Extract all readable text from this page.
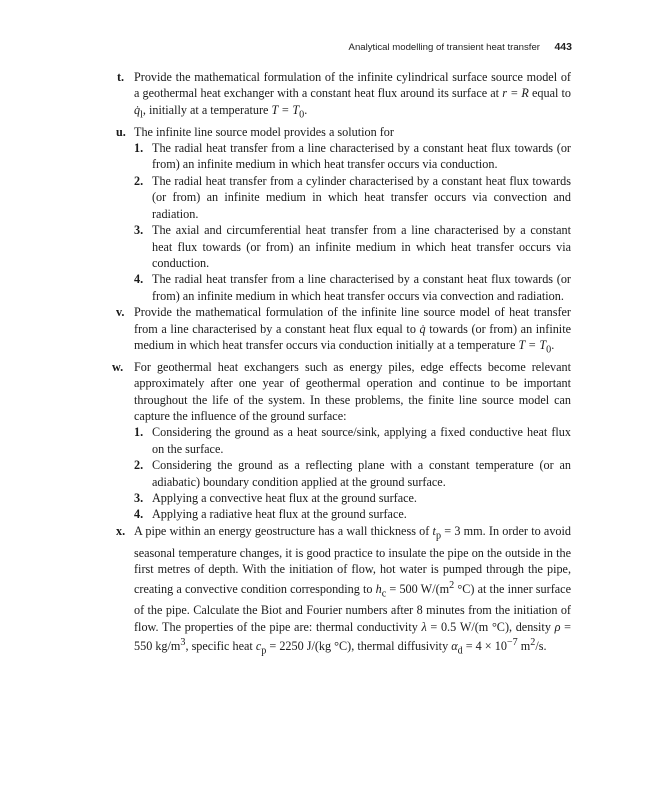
Analytical modelling of transient heat transfer 443
t. Provide the mathematical formulation of the infinite cylindrical surface source model of a geothermal heat exchanger with a constant heat flux around its surface at r = R equal to $q̇_l$, initially at a temperature $T = T_0$.
u. The infinite line source model provides a solution for
1. The radial heat transfer from a line characterised by a constant heat flux towards (or from) an infinite medium in which heat transfer occurs via conduction.
2. The radial heat transfer from a cylinder characterised by a constant heat flux towards (or from) an infinite medium in which heat transfer occurs via convection and radiation.
3. The axial and circumferential heat transfer from a line characterised by a constant heat flux towards (or from) an infinite medium in which heat transfer occurs via conduction.
4. The radial heat transfer from a line characterised by a constant heat flux towards (or from) an infinite medium in which heat transfer occurs via convection and radiation.
v. Provide the mathematical formulation of the infinite line source model of heat transfer from a line characterised by a constant heat flux equal to q̇ towards (or from) an infinite medium in which heat transfer occurs via conduction initially at a temperature $T = T_0$.
w. For geothermal heat exchangers such as energy piles, edge effects become relevant approximately after one year of geothermal operation and continue to be important throughout the life of the system. In these problems, the finite line source model can capture the influence of the ground surface:
1. Considering the ground as a heat source/sink, applying a fixed conductive heat flux on the surface.
2. Considering the ground as a reflecting plane with a constant temperature (or an adiabatic) boundary condition applied at the ground surface.
3. Applying a convective heat flux at the ground surface.
4. Applying a radiative heat flux at the ground surface.
x. A pipe within an energy geostructure has a wall thickness of $t_p = 3$ mm. In order to avoid seasonal temperature changes, it is good practice to insulate the pipe on the outside in the first metres of depth. With the initiation of flow, hot water is pumped through the pipe, creating a convective condition corresponding to $h_c = 500$ $W/(m^2$ °C) at the inner surface of the pipe. Calculate the Biot and Fourier numbers after 8 minutes from the initiation of flow. The properties of the pipe are: thermal conductivity λ = 0.5 W/(m °C), density ρ = 550 $kg/m^3$, specific heat $c_p = 2250$ J/(kg °C), thermal diffusivity $\alpha_d = 4 \times 10^{-7}$ $m^2/s$.
